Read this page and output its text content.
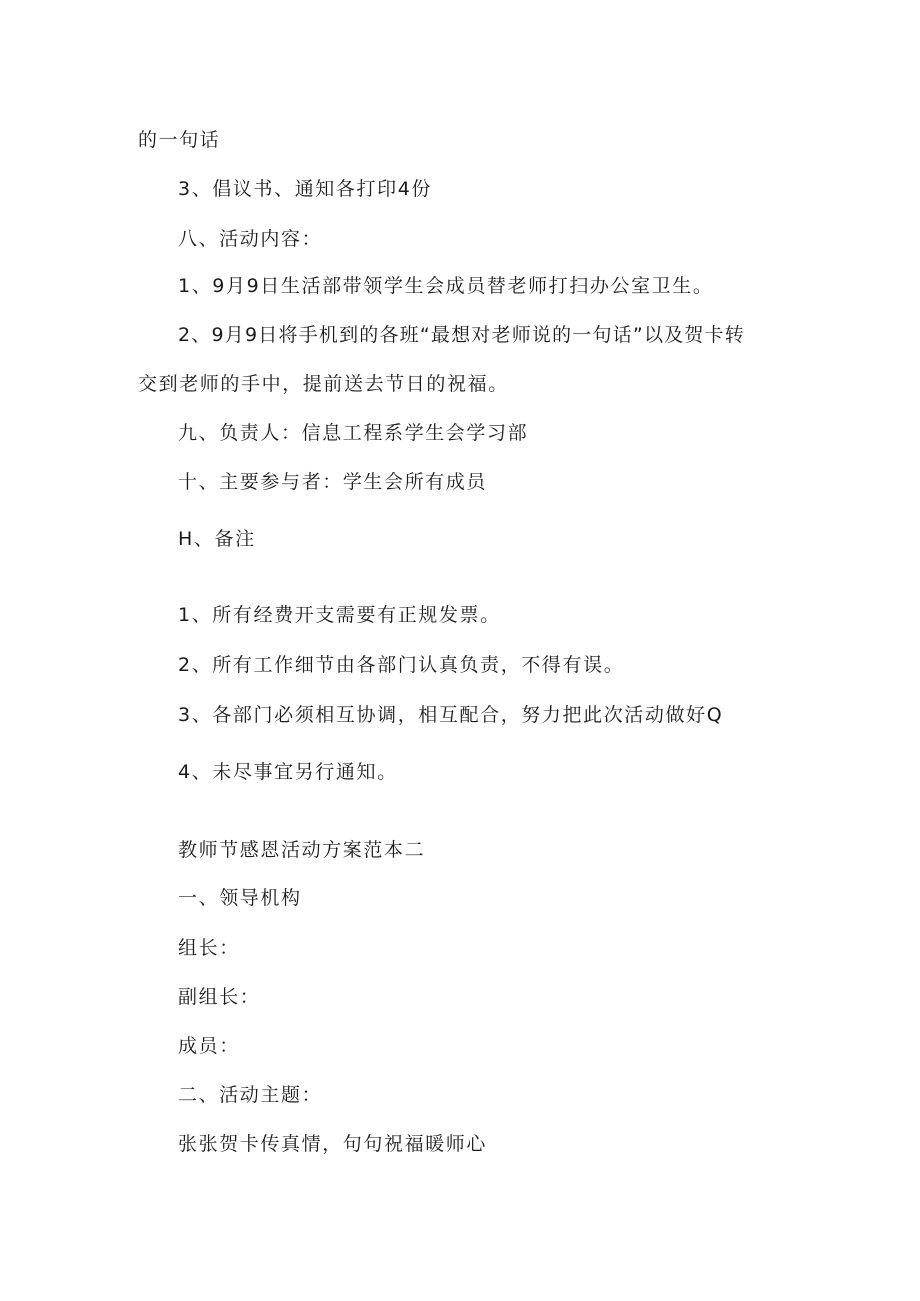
的一句话
3、倡议书、通知各打印4份
八、活动内容：
1、9月9日生活部带领学生会成员替老师打扫办公室卫生。
2、9月9日将手机到的各班“最想对老师说的一句话”以及贺卡转
交到老师的手中，提前送去节日的祝福。
九、负责人：信息工程系学生会学习部
十、主要参与者：学生会所有成员
H、备注
1、所有经费开支需要有正规发票。
2、所有工作细节由各部门认真负责，不得有误。
3、各部门必须相互协调，相互配合，努力把此次活动做好Q
4、未尽事宜另行通知。
教师节感恩活动方案范本二
一、领导机构
组长：
副组长：
成员：
二、活动主题：
张张贺卡传真情，句句祝福暖师心
